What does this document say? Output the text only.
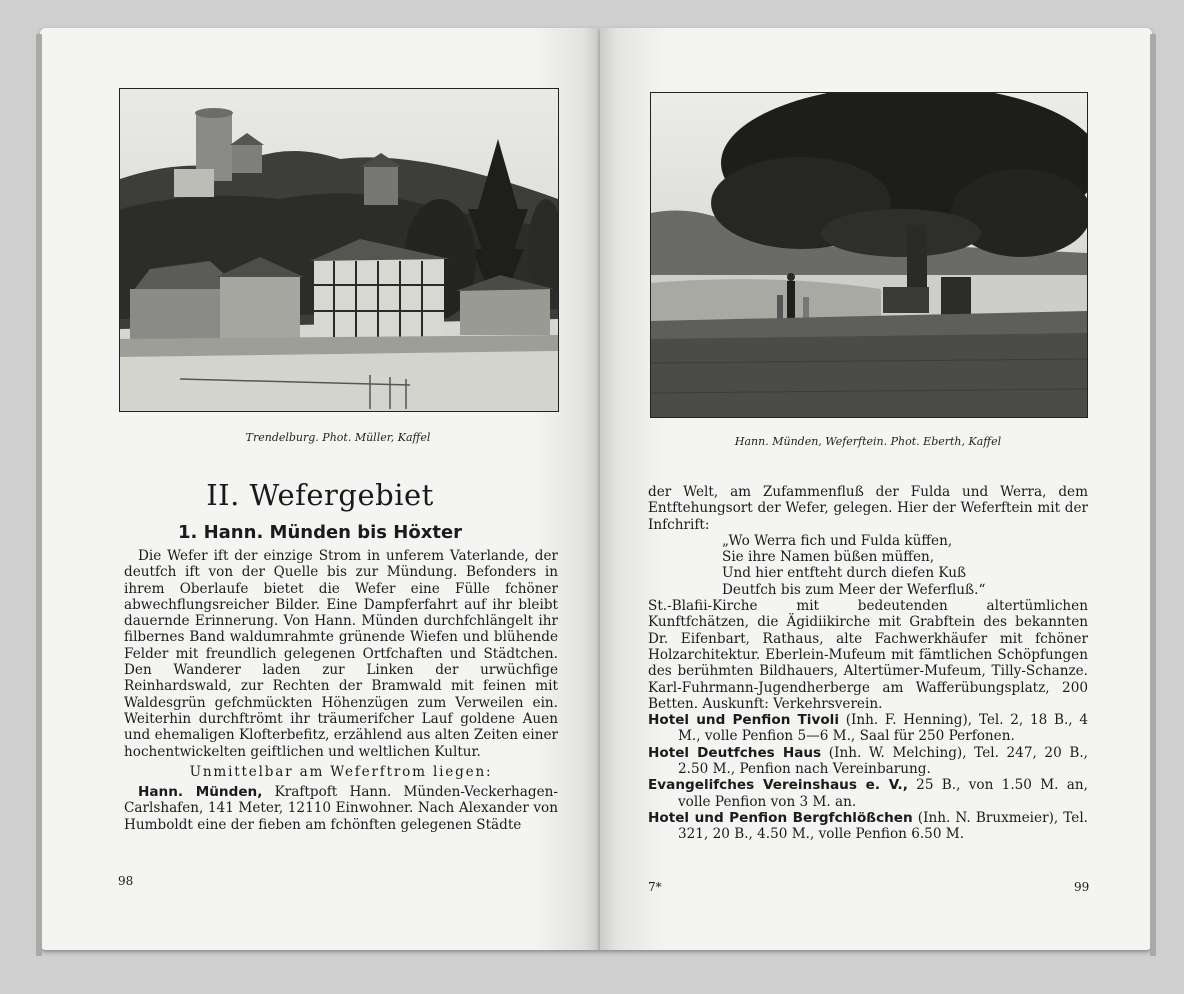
Trendelburg. Phot. Müller, Kaffel
II. Wefergebiet
1. Hann. Münden bis Höxter

Die Wefer ift der einzige Strom in unferem Vaterlande, der deutfch ift von der Quelle bis zur Mündung. Befonders in ihrem Oberlaufe bietet die Wefer eine Fülle fchöner abwechflungsreicher Bilder. Eine Dampferfahrt auf ihr bleibt dauernde Erinnerung. Von Hann. Münden durchfchlängelt ihr filbernes Band waldumrahmte grünende Wiefen und blühende Felder mit freundlich gelegenen Ortfchaften und Städtchen. Den Wanderer laden zur Linken der urwüchfige Reinhardswald, zur Rechten der Bramwald mit feinen mit Waldesgrün gefchmückten Höhenzügen zum Verweilen ein. Weiterhin durchftrömt ihr träumerifcher Lauf goldene Auen und ehemaligen Klofterbefitz, erzählend aus alten Zeiten einer hochentwickelten geiftlichen und weltlichen Kultur.

Unmittelbar am Weferftrom liegen:

Hann. Münden, Kraftpoft Hann. Münden-Veckerhagen-Carlshafen, 141 Meter, 12110 Einwohner. Nach Alexander von Humboldt eine der fieben am fchönften gelegenen Städte

98
Hann. Münden, Weferftein. Phot. Eberth, Kaffel

der Welt, am Zufammenfluß der Fulda und Werra, dem Entftehungsort der Wefer, gelegen. Hier der Weferftein mit der Infchrift:

„Wo Werra fich und Fulda küffen,
Sie ihre Namen büßen müffen,
Und hier entfteht durch diefen Kuß
Deutfch bis zum Meer der Weferfluß.“

St.-Blafii-Kirche mit bedeutenden altertümlichen Kunftfchätzen, die Ägidiikirche mit Grabftein des bekannten Dr. Eifenbart, Rathaus, alte Fachwerkhäufer mit fchöner Holzarchitektur. Eberlein-Mufeum mit fämtlichen Schöpfungen des berühmten Bildhauers, Altertümer-Mufeum, Tilly-Schanze. Karl-Fuhrmann-Jugendherberge am Wafferübungsplatz, 200 Betten. Auskunft: Verkehrsverein.

Hotel und Penfion Tivoli (Inh. F. Henning), Tel. 2, 18 B., 4 M., volle Penfion 5—6 M., Saal für 250 Perfonen.

Hotel Deutfches Haus (Inh. W. Melching), Tel. 247, 20 B., 2.50 M., Penfion nach Vereinbarung.

Evangelifches Vereinshaus e. V., 25 B., von 1.50 M. an, volle Penfion von 3 M. an.

Hotel und Penfion Bergfchlößchen (Inh. N. Bruxmeier), Tel. 321, 20 B., 4.50 M., volle Penfion 6.50 M.

7*	99
